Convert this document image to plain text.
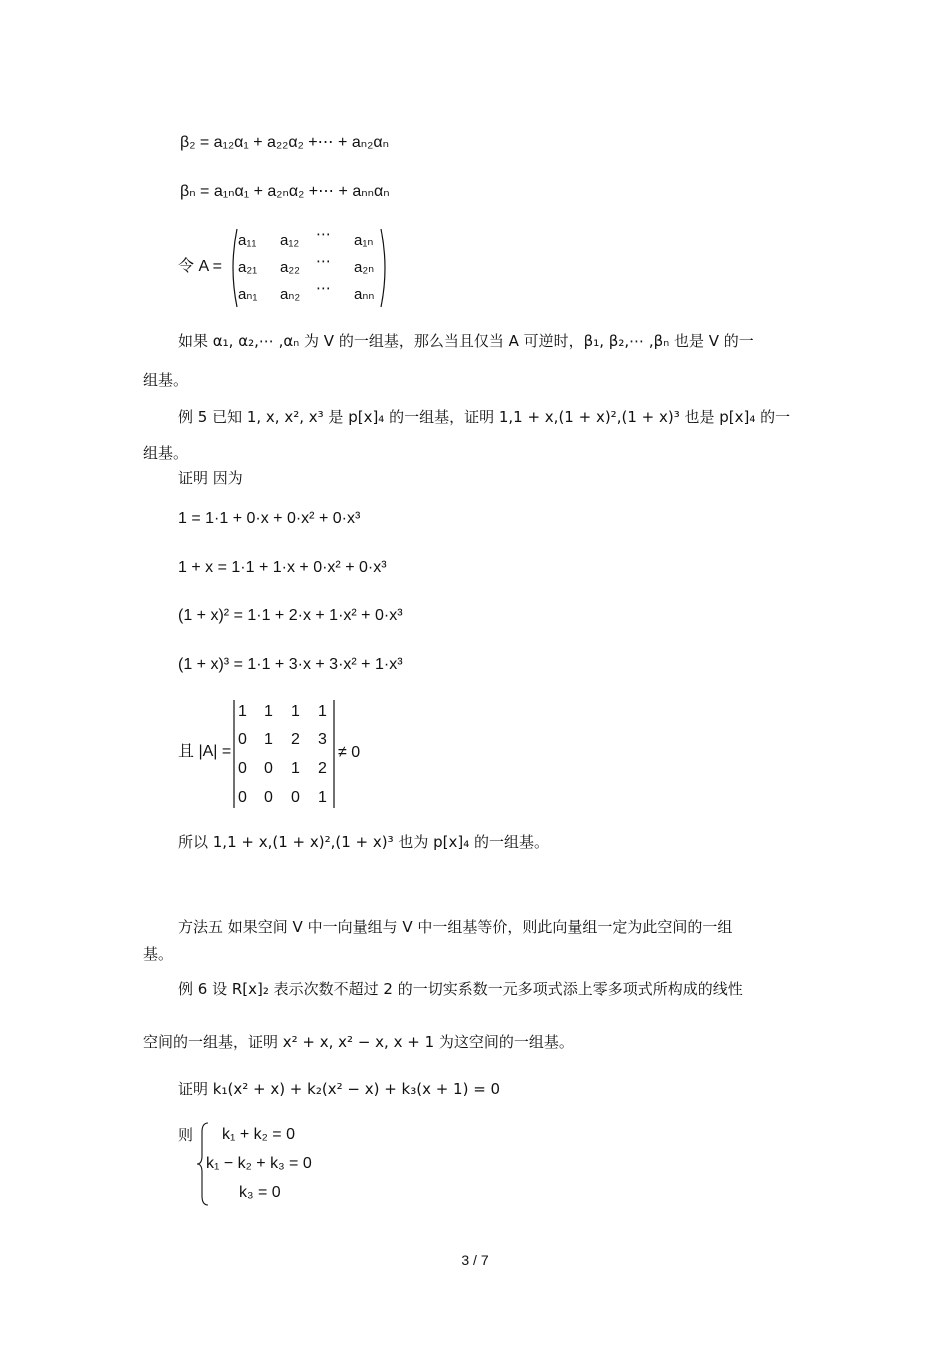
β₂ = a₁₂α₁ + a₂₂α₂ +⋯ + aₙ₂αₙ
βₙ = a₁ₙα₁ + a₂ₙα₂ +⋯ + aₙₙαₙ
令 A =
a₁₁ a₁₂ ⋯ a₁ₙ
a₂₁ a₂₂ ⋯ a₂ₙ
aₙ₁ aₙ₂ ⋯ aₙₙ
如果 α₁, α₂,⋯ ,αₙ 为 V 的一组基，那么当且仅当 A 可逆时，β₁, β₂,⋯ ,βₙ 也是 V 的一
组基。
例 5 已知 1, x, x², x³ 是 p[x]₄ 的一组基，证明 1,1 + x,(1 + x)²,(1 + x)³ 也是 p[x]₄ 的一
组基。
证明 因为
1 = 1·1 + 0·x + 0·x² + 0·x³
1 + x = 1·1 + 1·x + 0·x² + 0·x³
(1 + x)² = 1·1 + 2·x + 1·x² + 0·x³
(1 + x)³ = 1·1 + 3·x + 3·x² + 1·x³
且 |A| =
1 1 1 1
0 1 2 3
0 0 1 2
0 0 0 1
≠ 0
所以 1,1 + x,(1 + x)²,(1 + x)³ 也为 p[x]₄ 的一组基。
方法五 如果空间 V 中一向量组与 V 中一组基等价，则此向量组一定为此空间的一组
基。
例 6 设 R[x]₂ 表示次数不超过 2 的一切实系数一元多项式添上零多项式所构成的线性
空间的一组基，证明 x² + x, x² − x, x + 1 为这空间的一组基。
证明 k₁(x² + x) + k₂(x² − x) + k₃(x + 1) = 0
则 k₁ + k₂ = 0
k₁ − k₂ + k₃ = 0
k₃ = 0
3 / 7
